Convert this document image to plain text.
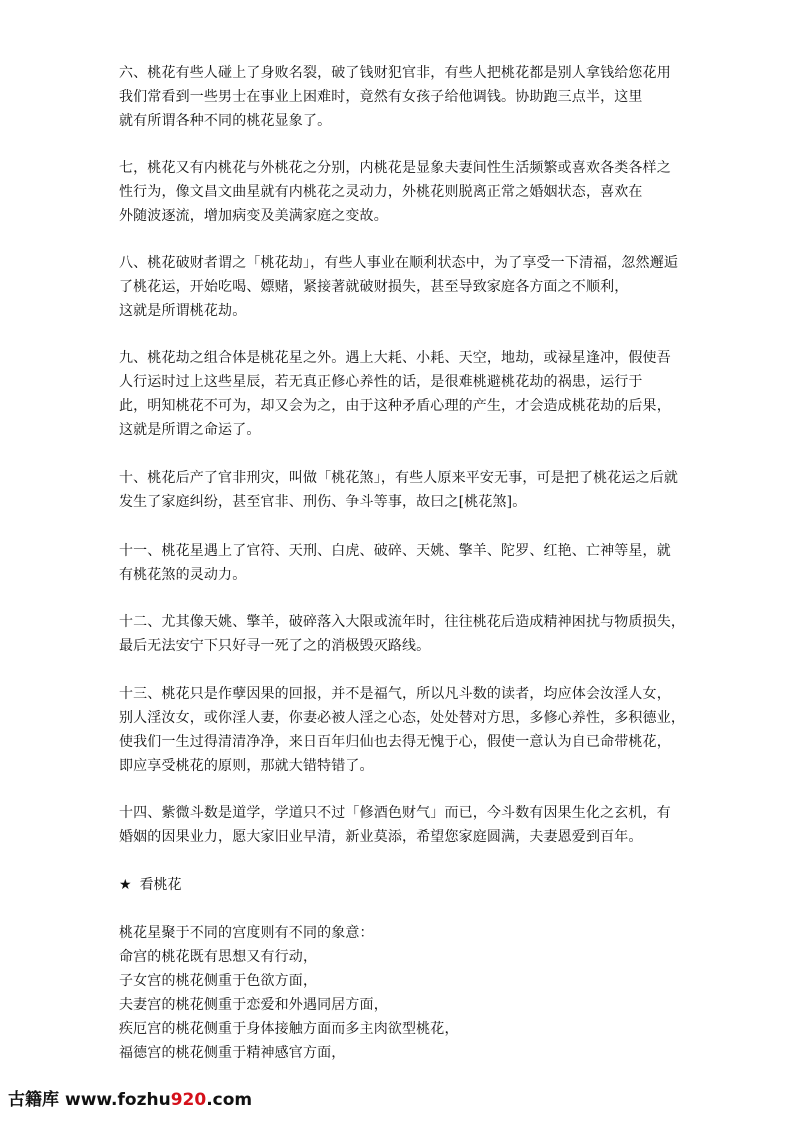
六、桃花有些人碰上了身败名裂，破了钱财犯官非，有些人把桃花都是别人拿钱给您花用
我们常看到一些男士在事业上困难时，竟然有女孩子给他调钱。协助跑三点半，这里
就有所谓各种不同的桃花显象了。
七，桃花又有内桃花与外桃花之分别，内桃花是显象夫妻间性生活频繁或喜欢各类各样之
性行为，像文昌文曲星就有内桃花之灵动力，外桃花则脱离正常之婚姻状态，喜欢在
外随波逐流，增加病变及美满家庭之变故。
八、桃花破财者谓之「桃花劫」，有些人事业在顺利状态中，为了享受一下清福，忽然邂逅
了桃花运，开始吃喝、嫖赌，紧接著就破财损失，甚至导致家庭各方面之不顺利，
这就是所谓桃花劫。
九、桃花劫之组合体是桃花星之外。遇上大耗、小耗、天空，地劫，或禄星逢冲，假使吾
人行运时过上这些星辰，若无真正修心养性的话，是很难桃避桃花劫的祸患，运行于
此，明知桃花不可为，却又会为之，由于这种矛盾心理的产生，才会造成桃花劫的后果，
这就是所谓之命运了。
十、桃花后产了官非刑灾，叫做「桃花煞」，有些人原来平安无事，可是把了桃花运之后就
发生了家庭纠纷，甚至官非、刑伤、争斗等事，故曰之[桃花煞]。
十一、桃花星遇上了官符、天刑、白虎、破碎、天姚、擎羊、陀罗、红艳、亡神等星，就
有桃花煞的灵动力。
十二、尤其像天姚、擎羊，破碎落入大限或流年时，往往桃花后造成精神困扰与物质损失，
最后无法安宁下只好寻一死了之的消极毁灭路线。
十三、桃花只是作孽因果的回报，并不是福气，所以凡斗数的读者，均应体会汝淫人女，
别人淫汝女，或你淫人妻，你妻必被人淫之心态，处处替对方思，多修心养性，多积德业，
使我们一生过得清清净净，来日百年归仙也去得无愧于心，假使一意认为自已命带桃花，
即应享受桃花的原则，那就大错特错了。
十四、紫微斗数是道学，学道只不过「修酒色财气」而已，今斗数有因果生化之玄机，有
婚姻的因果业力，愿大家旧业早清，新业莫添，希望您家庭圆满，夫妻恩爱到百年。
★ 看桃花
桃花星聚于不同的宫度则有不同的象意：
命宫的桃花既有思想又有行动，
子女宫的桃花侧重于色欲方面，
夫妻宫的桃花侧重于恋爱和外遇同居方面，
疾厄宫的桃花侧重于身体接触方面而多主肉欲型桃花，
福德宫的桃花侧重于精神感官方面，
古籍库 www.fozhu920.com
